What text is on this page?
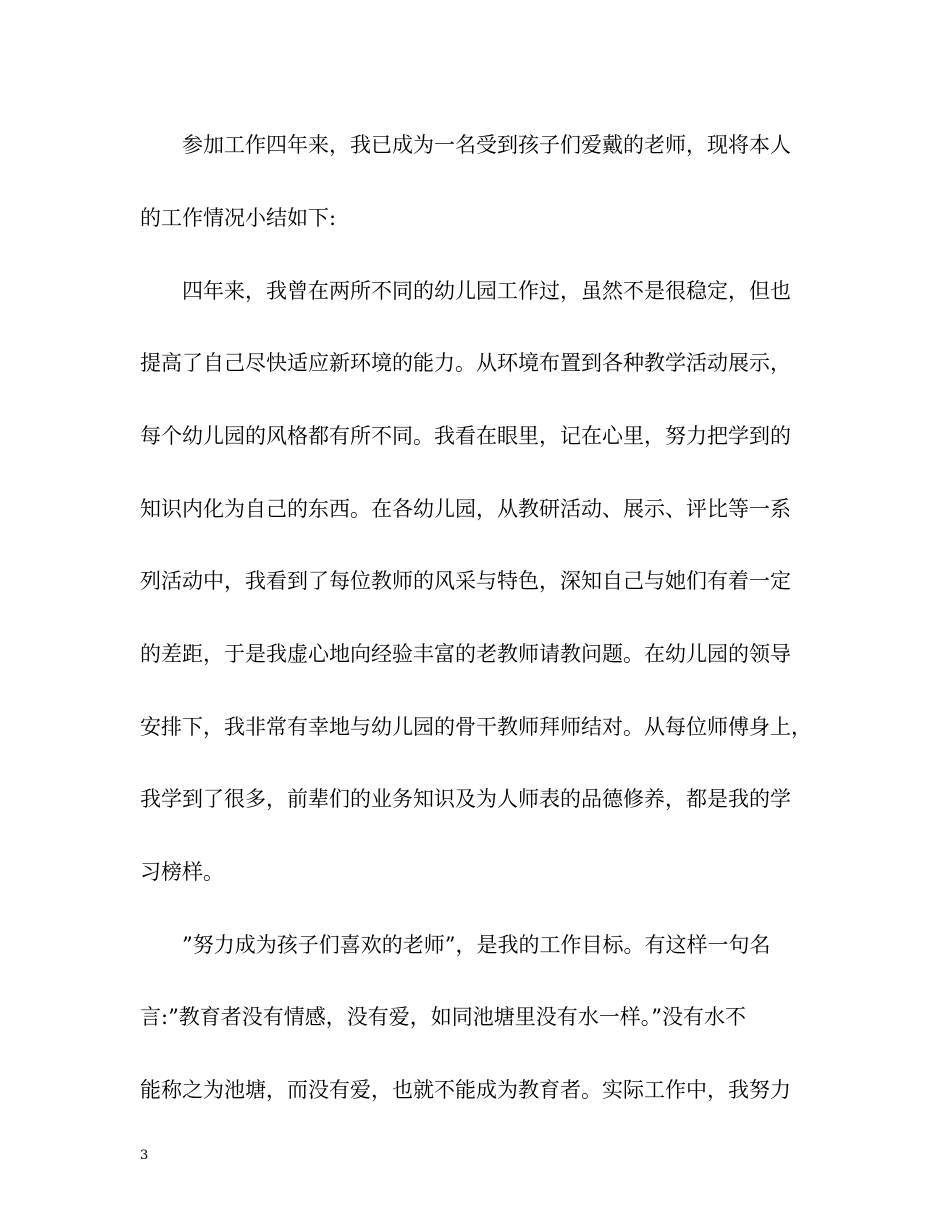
参加工作四年来，我已成为一名受到孩子们爱戴的老师，现将本人
的工作情况小结如下:
四年来，我曾在两所不同的幼儿园工作过，虽然不是很稳定，但也
提高了自己尽快适应新环境的能力。从环境布置到各种教学活动展示，
每个幼儿园的风格都有所不同。我看在眼里，记在心里，努力把学到的
知识内化为自己的东西。在各幼儿园，从教研活动、展示、评比等一系
列活动中，我看到了每位教师的风采与特色，深知自己与她们有着一定
的差距，于是我虚心地向经验丰富的老教师请教问题。在幼儿园的领导
安排下，我非常有幸地与幼儿园的骨干教师拜师结对。从每位师傅身上，
我学到了很多，前辈们的业务知识及为人师表的品德修养，都是我的学
习榜样。
”努力成为孩子们喜欢的老师”，是我的工作目标。有这样一句名
言:”教育者没有情感，没有爱，如同池塘里没有水一样。”没有水不
能称之为池塘，而没有爱，也就不能成为教育者。实际工作中，我努力
3
